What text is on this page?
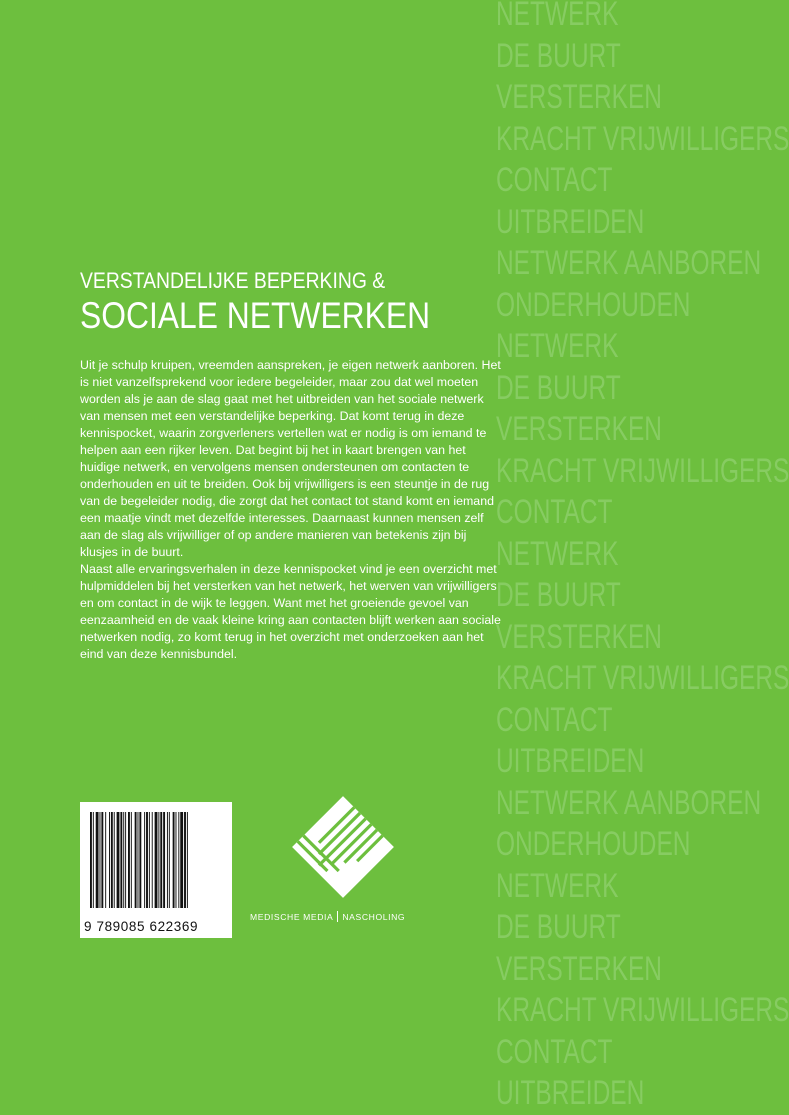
NETWERK
DE BUURT
VERSTERKEN
KRACHT VRIJWILLIGERS
CONTACT
UITBREIDEN
NETWERK AANBOREN
ONDERHOUDEN
NETWERK
DE BUURT
VERSTERKEN
KRACHT VRIJWILLIGERS
CONTACT
NETWERK
DE BUURT
VERSTERKEN
KRACHT VRIJWILLIGERS
CONTACT
UITBREIDEN
NETWERK AANBOREN
ONDERHOUDEN
NETWERK
DE BUURT
VERSTERKEN
KRACHT VRIJWILLIGERS
CONTACT
UITBREIDEN
VERSTANDELIJKE BEPERKING &
SOCIALE NETWERKEN

Uit je schulp kruipen, vreemden aanspreken, je eigen netwerk aanboren. Het is niet vanzelfsprekend voor iedere begeleider, maar zou dat wel moeten worden als je aan de slag gaat met het uitbreiden van het sociale netwerk van mensen met een verstandelijke beperking. Dat komt terug in deze kennispocket, waarin zorgverleners vertellen wat er nodig is om iemand te helpen aan een rijker leven. Dat begint bij het in kaart brengen van het huidige netwerk, en vervolgens mensen ondersteunen om contacten te onderhouden en uit te breiden. Ook bij vrijwilligers is een steuntje in de rug van de begeleider nodig, die zorgt dat het contact tot stand komt en iemand een maatje vindt met dezelfde interesses. Daarnaast kunnen mensen zelf aan de slag als vrijwilliger of op andere manieren van betekenis zijn bij klusjes in de buurt.

Naast alle ervaringsverhalen in deze kennispocket vind je een overzicht met hulpmiddelen bij het versterken van het netwerk, het werven van vrijwilligers en om contact in de wijk te leggen. Want met het groeiende gevoel van eenzaamheid en de vaak kleine kring aan contacten blijft werken aan sociale netwerken nodig, zo komt terug in het overzicht met onderzoeken aan het eind van deze kennisbundel.

9 789085 622369
MEDISCHE MEDIA NASCHOLING
